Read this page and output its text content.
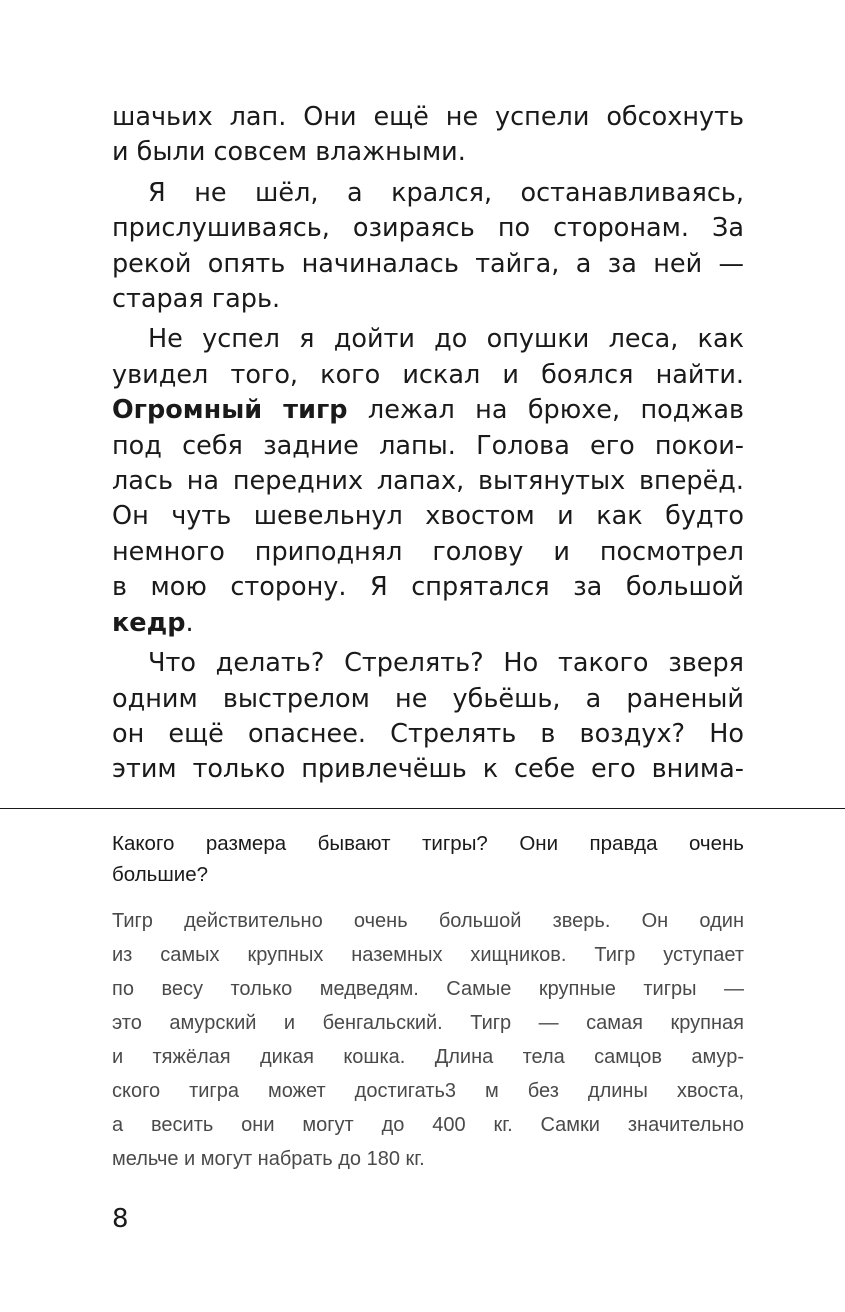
шачьих лап. Они ещё не успели обсохнуть

и были совсем влажными.

Я не шёл, а крался, останавливаясь,

прислушиваясь, озираясь по сторонам. За

рекой опять начиналась тайга, а за ней —

старая гарь.

Не успел я дойти до опушки леса, как

увидел того, кого искал и боялся найти.

Огромный тигр лежал на брюхе, поджав

под себя задние лапы. Голова его покои-

лась на передних лапах, вытянутых вперёд.

Он чуть шевельнул хвостом и как будто

немного приподнял голову и посмотрел

в мою сторону. Я спрятался за большой

кедр.

Что делать? Стрелять? Но такого зверя

одним выстрелом не убьёшь, а раненый

он ещё опаснее. Стрелять в воздух? Но

этим только привлечёшь к себе его внима-

Какого размера бывают тигры? Они правда очень
большие?
Тигр действительно очень большой зверь. Он один
из самых крупных наземных хищников. Тигр уступает
по весу только медведям. Самые крупные тигры —
это амурский и бенгальский. Тигр — самая крупная
и тяжёлая дикая кошка. Длина тела самцов амур-
ского тигра может достигать3 м без длины хвоста,
а весить они могут до 400 кг. Самки значительно
мельче и могут набрать до 180 кг.
8
